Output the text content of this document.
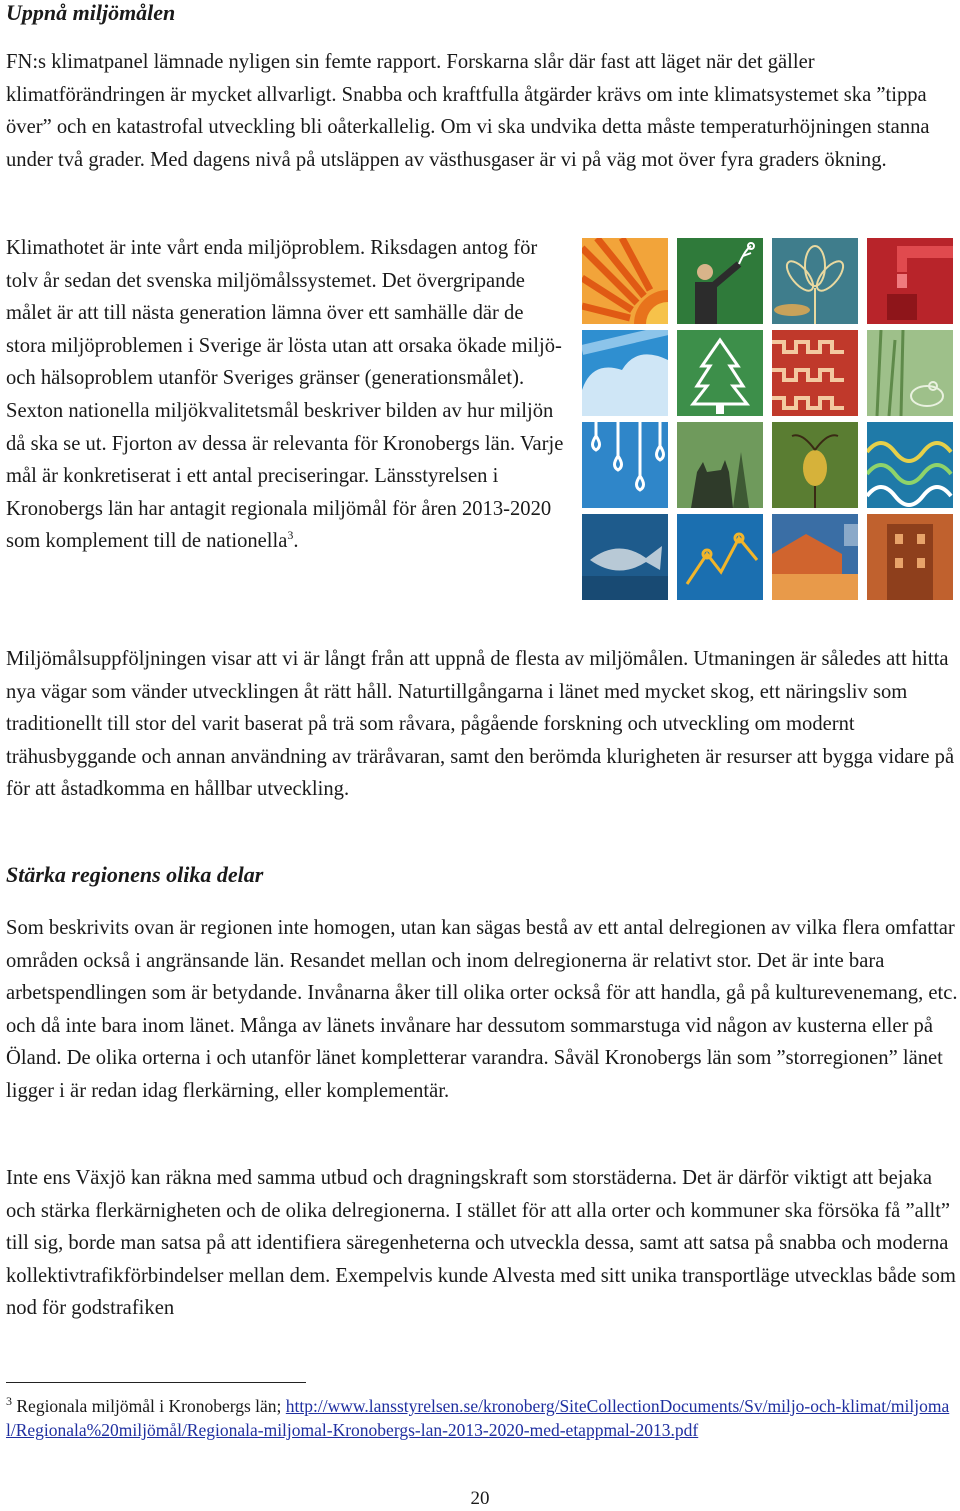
Uppnå miljömålen

FN:s klimatpanel lämnade nyligen sin femte rapport. Forskarna slår där fast att läget när det gäller klimatförändringen är mycket allvarligt. Snabba och kraftfulla åtgärder krävs om inte klimatsystemet ska ”tippa över” och en katastrofal utveckling bli oåterkallelig. Om vi ska undvika detta måste temperaturhöjningen stanna under två grader. Med dagens nivå på utsläppen av västhusgaser är vi på väg mot över fyra graders ökning.

Klimathotet är inte vårt enda miljöproblem. Riksdagen antog för tolv år sedan det svenska miljömålssystemet. Det övergripande målet är att till nästa generation lämna över ett samhälle där de stora miljöproblemen i Sverige är lösta utan att orsaka ökade miljö- och hälsoproblem utanför Sveriges gränser (generationsmålet). Sexton nationella miljökvalitetsmål beskriver bilden av hur miljön då ska se ut. Fjorton av dessa är relevanta för Kronobergs län. Varje mål är konkretiserat i ett antal preciseringar. Länsstyrelsen i Kronobergs län har antagit regionala miljömål för åren 2013-2020 som komplement till de nationella$^3$.

Miljömålsuppföljningen visar att vi är långt från att uppnå de flesta av miljömålen. Utmaningen är således att hitta nya vägar som vänder utvecklingen åt rätt håll. Naturtillgångarna i länet med mycket skog, ett näringsliv som traditionellt till stor del varit baserat på trä som råvara, pågående forskning och utveckling om modernt trähusbyggande och annan användning av träråvaran, samt den berömda klurigheten är resurser att bygga vidare på för att åstadkomma en hållbar utveckling.

Stärka regionens olika delar

Som beskrivits ovan är regionen inte homogen, utan kan sägas bestå av ett antal delregionen av vilka flera omfattar områden också i angränsande län. Resandet mellan och inom delregionerna är relativt stor. Det är inte bara arbetspendlingen som är betydande. Invånarna åker till olika orter också för att handla, gå på kulturevenemang, etc. och då inte bara inom länet. Många av länets invånare har dessutom sommarstuga vid någon av kusterna eller på Öland. De olika orterna i och utanför länet kompletterar varandra. Såväl Kronobergs län som ”storregionen” länet ligger i är redan idag flerkärning, eller komplementär.

Inte ens Växjö kan räkna med samma utbud och dragningskraft som storstäderna. Det är därför viktigt att bejaka och stärka flerkärnigheten och de olika delregionerna. I stället för att alla orter och kommuner ska försöka få ”allt” till sig, borde man satsa på att identifiera säregenheterna och utveckla dessa, samt att satsa på snabba och moderna kollektivtrafikförbindelser mellan dem. Exempelvis kunde Alvesta med sitt unika transportläge utvecklas både som nod för godstrafiken

$^3$ Regionala miljömål i Kronobergs län; http://www.lansstyrelsen.se/kronoberg/SiteCollectionDocuments/Sv/miljo-och-klimat/miljomal/Regionala%20miljömål/Regionala-miljomal-Kronobergs-lan-2013-2020-med-etappmal-2013.pdf
20
